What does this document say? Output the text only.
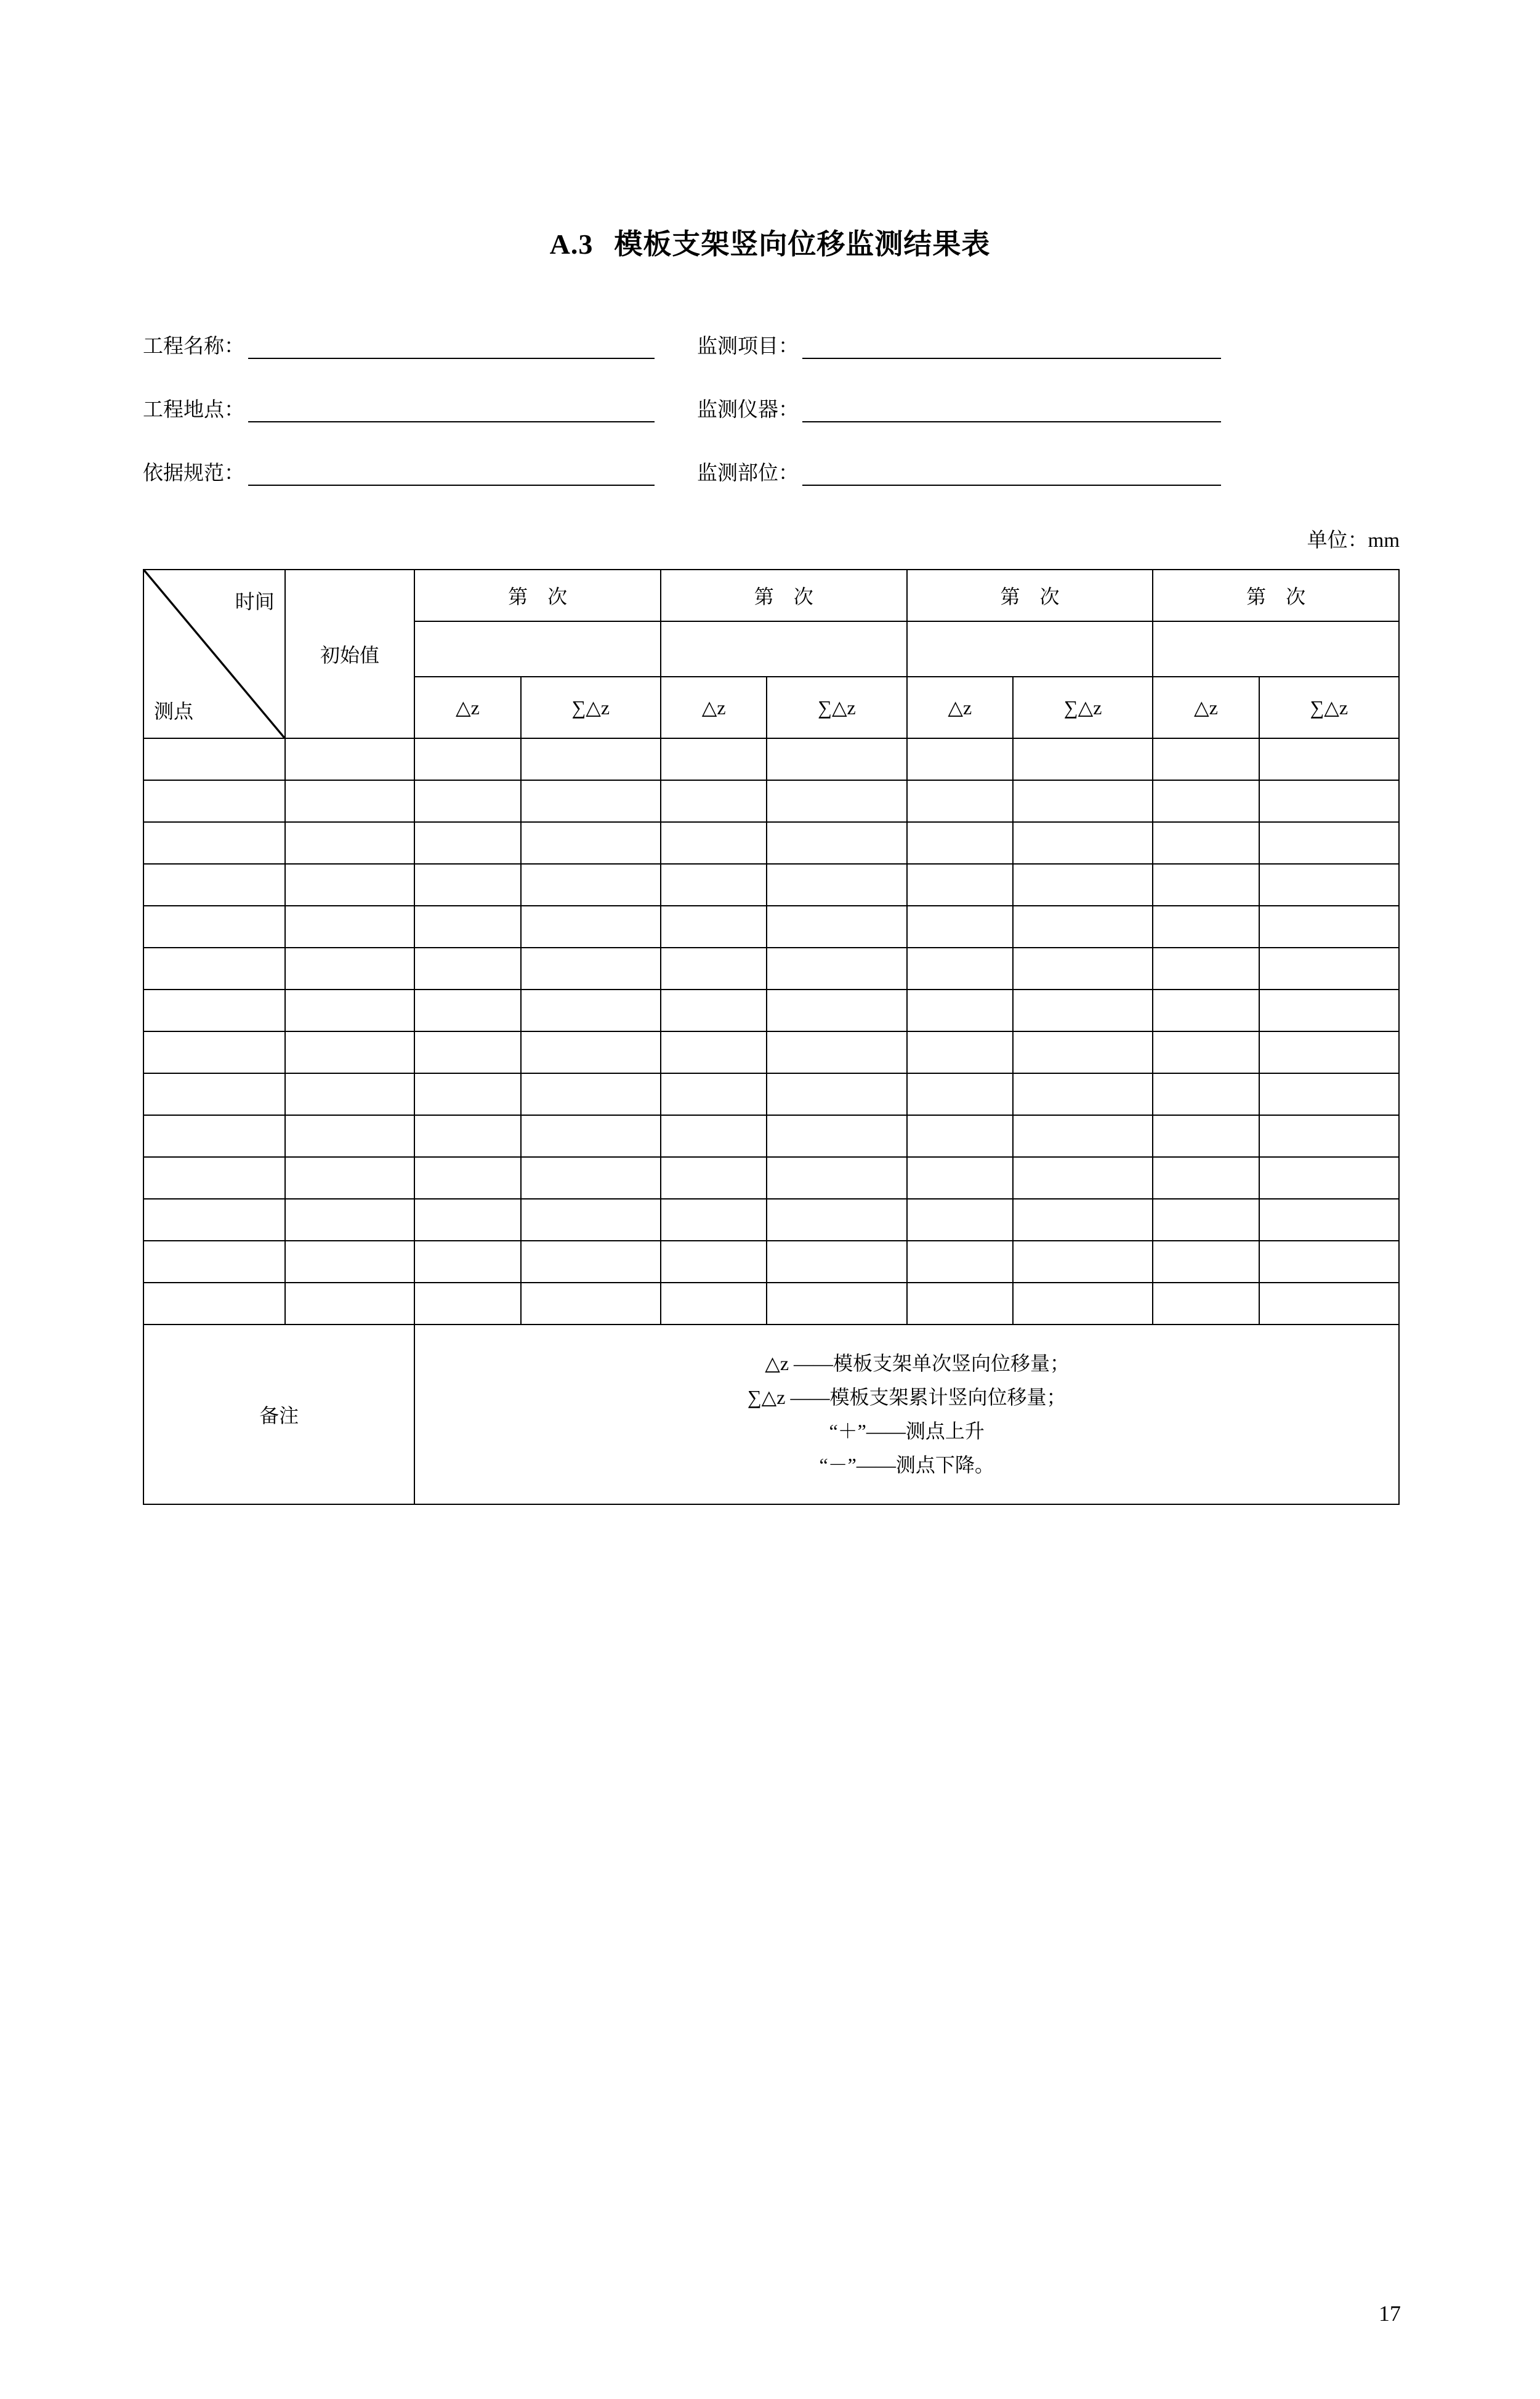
A.3 模板支架竖向位移监测结果表
工程名称：	监测项目：
工程地点：	监测仪器：
依据规范：	监测部位：
单位：mm
时间
测点	初始值	第　次		第　次		第　次		第　次	

		△z	∑△z	△z	∑△z	△z	∑△z	△z	∑△z

备注		△z ——模板支架单次竖向位移量；
∑△z ——模板支架累计竖向位移量；
“＋”——测点上升
“－”——测点下降。							
17
